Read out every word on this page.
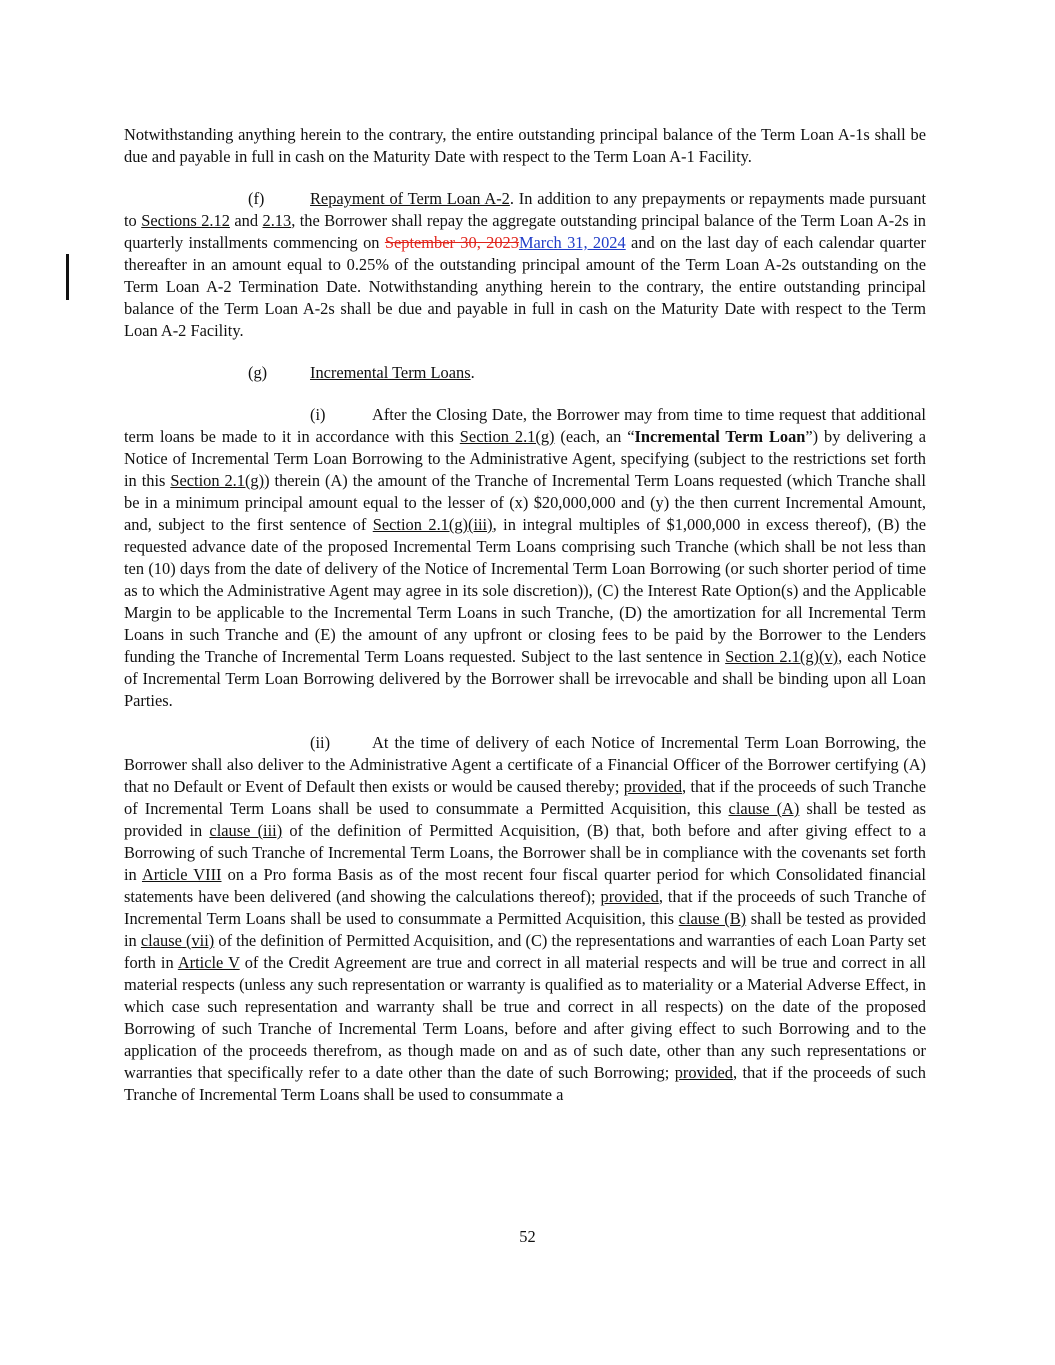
Notwithstanding anything herein to the contrary, the entire outstanding principal balance of the Term Loan A-1s shall be due and payable in full in cash on the Maturity Date with respect to the Term Loan A-1 Facility.

(f)	Repayment of Term Loan A-2. In addition to any prepayments or repayments made pursuant to Sections 2.12 and 2.13, the Borrower shall repay the aggregate outstanding principal balance of the Term Loan A-2s in quarterly installments commencing on September 30, 2023March 31, 2024 and on the last day of each calendar quarter thereafter in an amount equal to 0.25% of the outstanding principal amount of the Term Loan A-2s outstanding on the Term Loan A-2 Termination Date. Notwithstanding anything herein to the contrary, the entire outstanding principal balance of the Term Loan A-2s shall be due and payable in full in cash on the Maturity Date with respect to the Term Loan A-2 Facility.

(g)	Incremental Term Loans.

(i)	After the Closing Date, the Borrower may from time to time request that additional term loans be made to it in accordance with this Section 2.1(g) (each, an “Incremental Term Loan”) by delivering a Notice of Incremental Term Loan Borrowing to the Administrative Agent, specifying (subject to the restrictions set forth in this Section 2.1(g)) therein (A) the amount of the Tranche of Incremental Term Loans requested (which Tranche shall be in a minimum principal amount equal to the lesser of (x) $20,000,000 and (y) the then current Incremental Amount, and, subject to the first sentence of Section 2.1(g)(iii), in integral multiples of $1,000,000 in excess thereof), (B) the requested advance date of the proposed Incremental Term Loans comprising such Tranche (which shall be not less than ten (10) days from the date of delivery of the Notice of Incremental Term Loan Borrowing (or such shorter period of time as to which the Administrative Agent may agree in its sole discretion)), (C) the Interest Rate Option(s) and the Applicable Margin to be applicable to the Incremental Term Loans in such Tranche, (D) the amortization for all Incremental Term Loans in such Tranche and (E) the amount of any upfront or closing fees to be paid by the Borrower to the Lenders funding the Tranche of Incremental Term Loans requested. Subject to the last sentence in Section 2.1(g)(v), each Notice of Incremental Term Loan Borrowing delivered by the Borrower shall be irrevocable and shall be binding upon all Loan Parties.

(ii)	At the time of delivery of each Notice of Incremental Term Loan Borrowing, the Borrower shall also deliver to the Administrative Agent a certificate of a Financial Officer of the Borrower certifying (A) that no Default or Event of Default then exists or would be caused thereby; provided, that if the proceeds of such Tranche of Incremental Term Loans shall be used to consummate a Permitted Acquisition, this clause (A) shall be tested as provided in clause (iii) of the definition of Permitted Acquisition, (B) that, both before and after giving effect to a Borrowing of such Tranche of Incremental Term Loans, the Borrower shall be in compliance with the covenants set forth in Article VIII on a Pro forma Basis as of the most recent four fiscal quarter period for which Consolidated financial statements have been delivered (and showing the calculations thereof); provided, that if the proceeds of such Tranche of Incremental Term Loans shall be used to consummate a Permitted Acquisition, this clause (B) shall be tested as provided in clause (vii) of the definition of Permitted Acquisition, and (C) the representations and warranties of each Loan Party set forth in Article V of the Credit Agreement are true and correct in all material respects and will be true and correct in all material respects (unless any such representation or warranty is qualified as to materiality or a Material Adverse Effect, in which case such representation and warranty shall be true and correct in all respects) on the date of the proposed Borrowing of such Tranche of Incremental Term Loans, before and after giving effect to such Borrowing and to the application of the proceeds therefrom, as though made on and as of such date, other than any such representations or warranties that specifically refer to a date other than the date of such Borrowing; provided, that if the proceeds of such Tranche of Incremental Term Loans shall be used to consummate a

52
